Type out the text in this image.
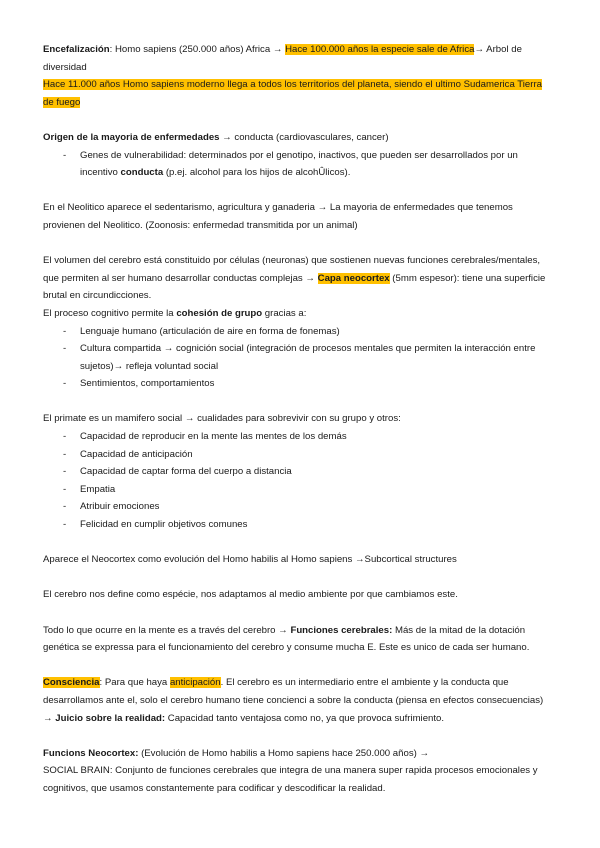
Encefalización: Homo sapiens (250.000 años) Africa → Hace 100.000 años la especie sale de Africa→ Arbol de diversidad

Hace 11.000 años Homo sapiens moderno llega a todos los territorios del planeta, siendo el ultimo Sudamerica Tierra de fuego

Origen de la mayoria de enfermedades → conducta (cardiovasculares, cancer)

- Genes de vulnerabilidad: determinados por el genotipo, inactivos, que pueden ser desarrollados por un incentivo conducta (p.ej. alcohol para los hijos de alcohÛlicos).

En el Neolitico aparece el sedentarismo, agricultura y ganaderia → La mayoria de enfermedades que tenemos provienen del Neolitico. (Zoonosis: enfermedad transmitida por un animal)

El volumen del cerebro está constituido por células (neuronas) que sostienen nuevas funciones cerebrales/mentales, que permiten al ser humano desarrollar conductas complejas → Capa neocortex (5mm espesor): tiene una superficie brutal en circundicciones.

El proceso cognitivo permite la cohesión de grupo gracias a:

- Lenguaje humano (articulación de aire en forma de fonemas)
- Cultura compartida → cognición social (integración de procesos mentales que permiten la interacción entre sujetos)→ refleja voluntad social
- Sentimientos, comportamientos

El primate es un mamifero social → cualidades para sobrevivir con su grupo y otros:

- Capacidad de reproducir en la mente las mentes de los demás
- Capacidad de anticipación
- Capacidad de captar forma del cuerpo a distancia
- Empatia
- Atribuir emociones
- Felicidad en cumplir objetivos comunes

Aparece el Neocortex como evolución del Homo habilis al Homo sapiens →Subcortical structures

El cerebro nos define como espécie, nos adaptamos al medio ambiente por que cambiamos este.

Todo lo que ocurre en la mente es a través del cerebro → Funciones cerebrales: Más de la mitad de la dotación genética se expressa para el funcionamiento del cerebro y consume mucha E. Este es unico de cada ser humano.

Consciencia: Para que haya anticipación. El cerebro es un intermediario entre el ambiente y la conducta que desarrollamos ante el, solo el cerebro humano tiene concienci a sobre la conducta (piensa en efectos consecuencias) → Juicio sobre la realidad: Capacidad tanto ventajosa como no, ya que provoca sufrimiento.

Funcions Neocortex: (Evolución de Homo habilis a Homo sapiens hace 250.000 años) →

SOCIAL BRAIN: Conjunto de funciones cerebrales que integra de una manera super rapida procesos emocionales y cognitivos, que usamos constantemente para codificar y descodificar la realidad.
